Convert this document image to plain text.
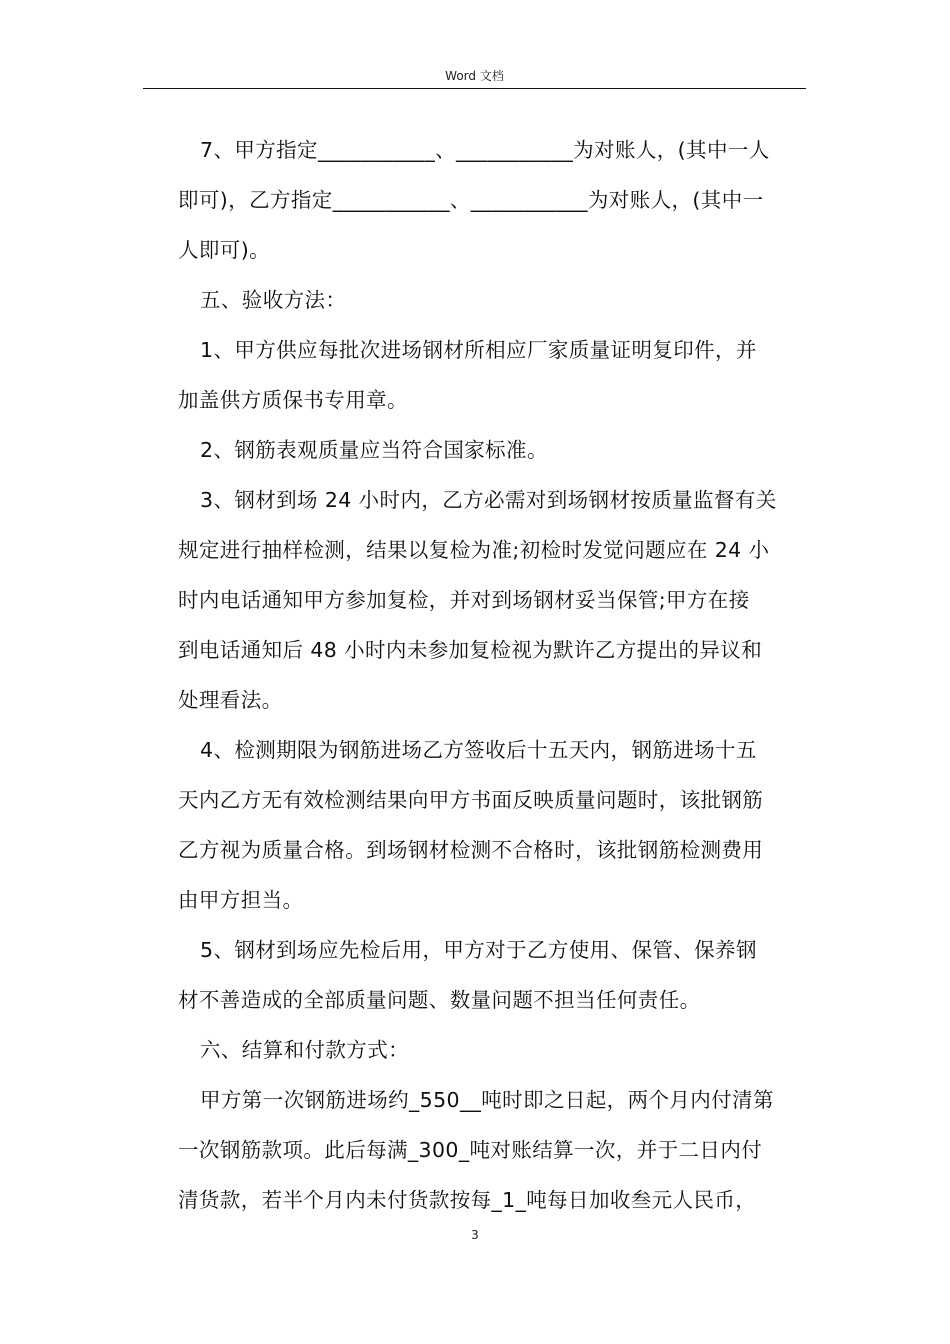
Word 文档

7、甲方指定___________、___________为对账人，(其中一人
即可)，乙方指定___________、___________为对账人，(其中一
人即可)。

五、验收方法：

1、甲方供应每批次进场钢材所相应厂家质量证明复印件，并
加盖供方质保书专用章。

2、钢筋表观质量应当符合国家标准。

3、钢材到场 24 小时内，乙方必需对到场钢材按质量监督有关
规定进行抽样检测，结果以复检为准;初检时发觉问题应在 24 小
时内电话通知甲方参加复检，并对到场钢材妥当保管;甲方在接
到电话通知后 48 小时内未参加复检视为默许乙方提出的异议和
处理看法。

4、检测期限为钢筋进场乙方签收后十五天内，钢筋进场十五
天内乙方无有效检测结果向甲方书面反映质量问题时，该批钢筋
乙方视为质量合格。到场钢材检测不合格时，该批钢筋检测费用
由甲方担当。

5、钢材到场应先检后用，甲方对于乙方使用、保管、保养钢
材不善造成的全部质量问题、数量问题不担当任何责任。

六、结算和付款方式：

甲方第一次钢筋进场约_550__吨时即之日起，两个月内付清第
一次钢筋款项。此后每满_300_吨对账结算一次，并于二日内付
清货款，若半个月内未付货款按每_1_吨每日加收叁元人民币，

3
